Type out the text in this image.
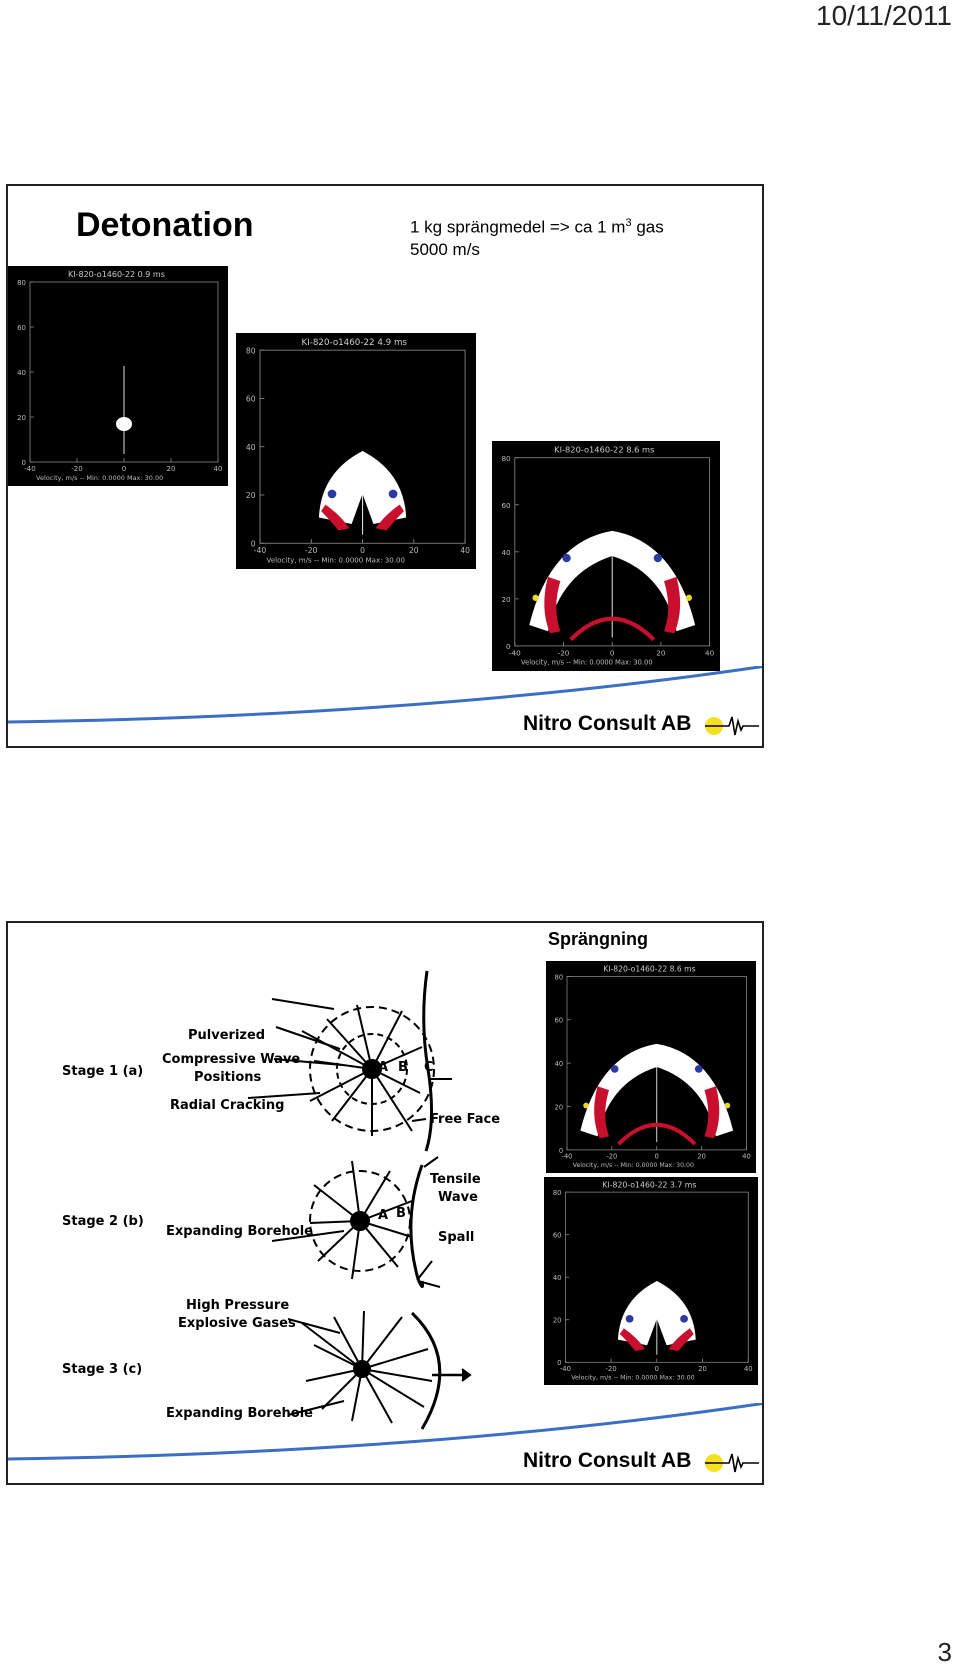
10/11/2011
Detonation	1 kg sprängmedel => ca 1 $m^3$ gas
5000 m/s
KI-820-o1460-22 0.9 ms
0
20
40
60
80
-40	-20	0	20	40
Velocity, m/s -- Min: 0.0000 Max: 30.00
KI-820-o1460-22 4.9 ms
0
20
40
60
80
-40	-20	0	20	40
Velocity, m/s -- Min: 0.0000 Max: 30.00
KI-820-o1460-22 8.6 ms
0
20
40
60
80
-40	-20	0	20	40
Velocity, m/s -- Min: 0.0000 Max: 30.00
Nitro Consult AB
Sprängning
Stage 1 (a)
Pulverized
Compressive Wave
Positions
Radial Cracking
A B C
Free Face
Stage 2 (b)
Tensile
Wave
A B
Spall
Expanding Borehole
Stage 3 (c)
High Pressure
Explosive Gases
Expanding Borehole
KI-820-o1460-22 8.6 ms
0
20
40
60
80
-40	-20	0	20	40
Velocity, m/s -- Min: 0.0000 Max: 30.00
KI-820-o1460-22 3.7 ms
0
20
40
60
80
-40	-20	0	20	40
Velocity, m/s -- Min: 0.0000 Max: 30.00
Nitro Consult AB
3
